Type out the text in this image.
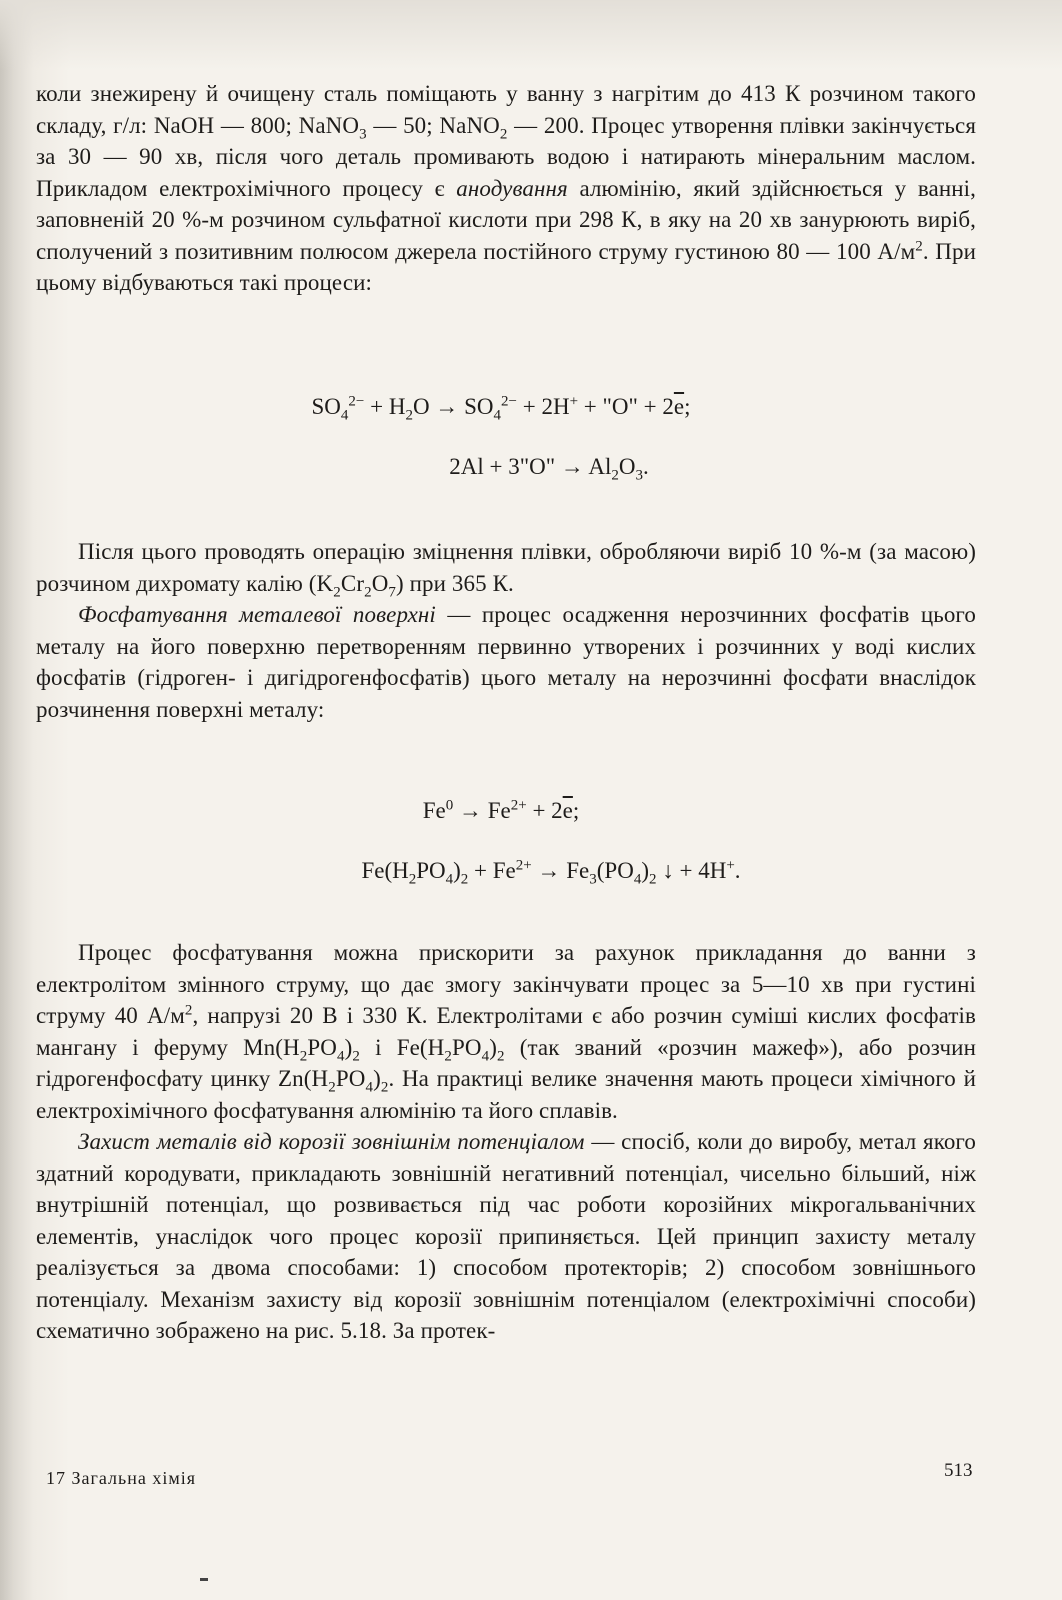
коли знежирену й очищену сталь поміщають у ванну з нагрітим до 413 К розчином такого складу, г/л: NaOH — 800; NaNO$_3$ — 50; NaNO$_2$ — 200. Процес утворення плівки закінчується за 30 — 90 хв, після чого деталь промивають водою і натирають мінеральним маслом. Прикладом електрохімічного процесу є анодування алюмінію, який здійснюється у ванні, заповненій 20 %-м розчином сульфатної кислоти при 298 К, в яку на 20 хв занурюють виріб, сполучений з позитивним полюсом джерела постійного струму густиною 80 — 100 $А/м^2$. При цьому відбуваються такі процеси:

$SO_4^{2-} + H_2O \to SO_4^{2-} + 2H^+$ + "O" + $2\overline{e}$;
2Al + 3"O" → $Al_2O_3$.

Після цього проводять операцію зміцнення плівки, обробляючи виріб 10 %-м (за масою) розчином дихромату калію $(K_2Cr_2O_7)$ при 365 К.

Фосфатування металевої поверхні — процес осадження нерозчинних фосфатів цього металу на його поверхню перетворенням первинно утворених і розчинних у воді кислих фосфатів (гідроген- і дигідрогенфосфатів) цього металу на нерозчинні фосфати внаслідок розчинення поверхні металу:

$Fe^0 \to Fe^{2+} + 2\overline{e}$;
$Fe(H_2PO_4)_2 + Fe^{2+} \to Fe_3(PO_4)_2$ ↓ + 4H+.

Процес фосфатування можна прискорити за рахунок прикладання до ванни з електролітом змінного струму, що дає змогу закінчувати процес за 5—10 хв при густині струму 40 $А/м^2$, напрузі 20 В і 330 К. Електролітами є або розчин суміші кислих фосфатів мангану і феруму $Mn(H_2PO_4)_2$ і $Fe(H_2PO_4)_2$ (так званий «розчин мажеф»), або розчин гідрогенфосфату цинку $Zn(H_2PO_4)_2$. На практиці велике значення мають процеси хімічного й електрохімічного фосфатування алюмінію та його сплавів.

Захист металів від корозії зовнішнім потенціалом — спосіб, коли до виробу, метал якого здатний кородувати, прикладають зовнішній негативний потенціал, чисельно більший, ніж внутрішній потенціал, що розвивається під час роботи корозійних мікрогальванічних елементів, унаслідок чого процес корозії припиняється. Цей принцип захисту металу реалізується за двома способами: 1) способом протекторів; 2) способом зовнішнього потенціалу. Механізм захисту від корозії зовнішнім потенціалом (електрохімічні способи) схематично зображено на рис. 5.18. За протек-

17 Загальна хімія	513
